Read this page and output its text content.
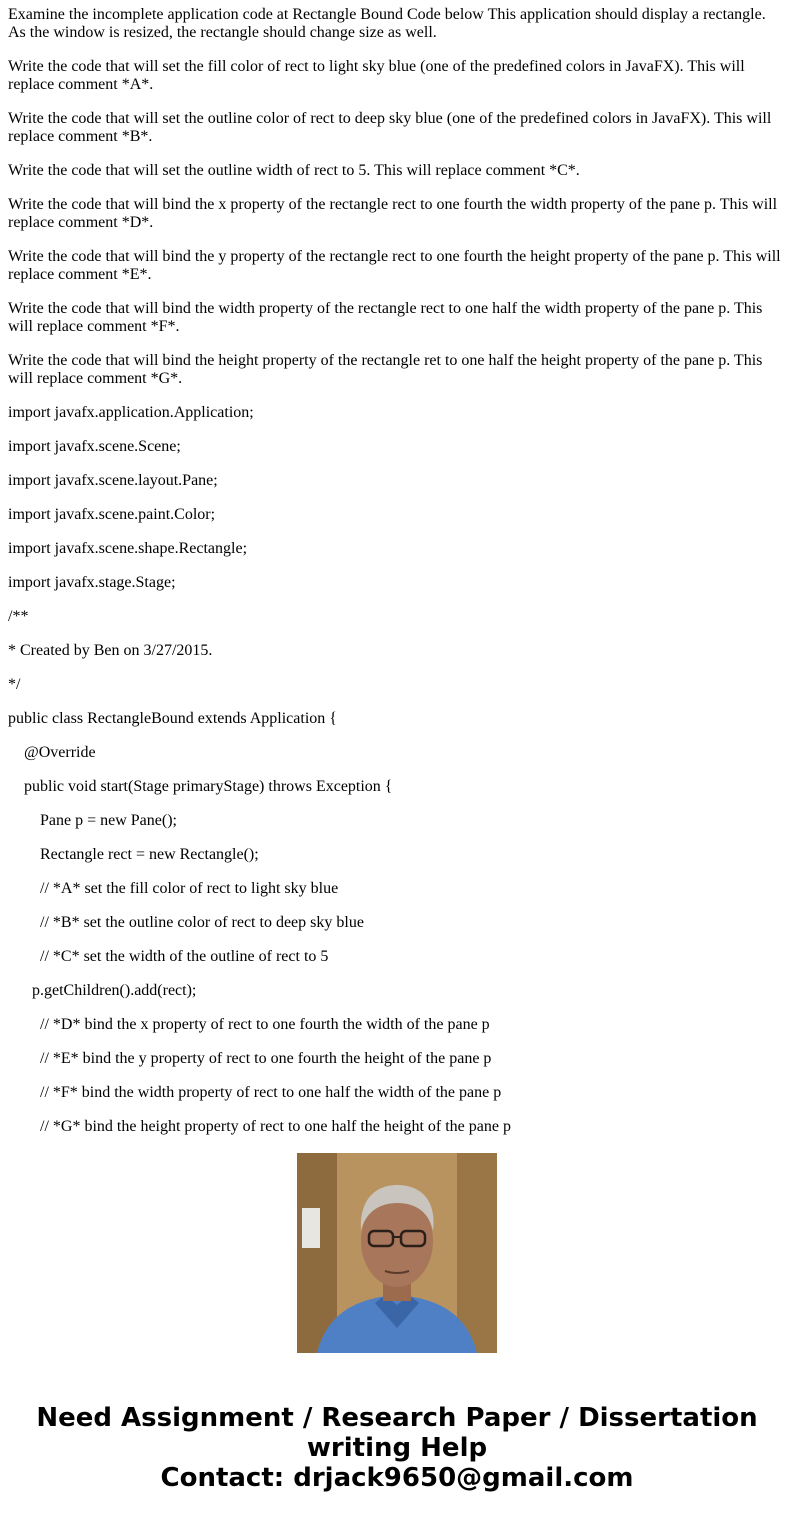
Examine the incomplete application code at Rectangle Bound Code below This application should display a rectangle. As the window is resized, the rectangle should change size as well.

Write the code that will set the fill color of rect to light sky blue (one of the predefined colors in JavaFX). This will replace comment *A*.

Write the code that will set the outline color of rect to deep sky blue (one of the predefined colors in JavaFX). This will replace comment *B*.

Write the code that will set the outline width of rect to 5. This will replace comment *C*.

Write the code that will bind the x property of the rectangle rect to one fourth the width property of the pane p. This will replace comment *D*.

Write the code that will bind the y property of the rectangle rect to one fourth the height property of the pane p. This will replace comment *E*.

Write the code that will bind the width property of the rectangle rect to one half the width property of the pane p. This will replace comment *F*.

Write the code that will bind the height property of the rectangle ret to one half the height property of the pane p. This will replace comment *G*.

import javafx.application.Application;
import javafx.scene.Scene;
import javafx.scene.layout.Pane;
import javafx.scene.paint.Color;
import javafx.scene.shape.Rectangle;
import javafx.stage.Stage;
/**
* Created by Ben on 3/27/2015.
*/
public class RectangleBound extends Application {
@Override
public void start(Stage primaryStage) throws Exception {
Pane p = new Pane();
Rectangle rect = new Rectangle();
// *A* set the fill color of rect to light sky blue
// *B* set the outline color of rect to deep sky blue
// *C* set the width of the outline of rect to 5
p.getChildren().add(rect);
// *D* bind the x property of rect to one fourth the width of the pane p
// *E* bind the y property of rect to one fourth the height of the pane p
// *F* bind the width property of rect to one half the width of the pane p
// *G* bind the height property of rect to one half the height of the pane p
Need Assignment / Research Paper / Dissertation
writing Help
Contact: drjack9650@gmail.com
